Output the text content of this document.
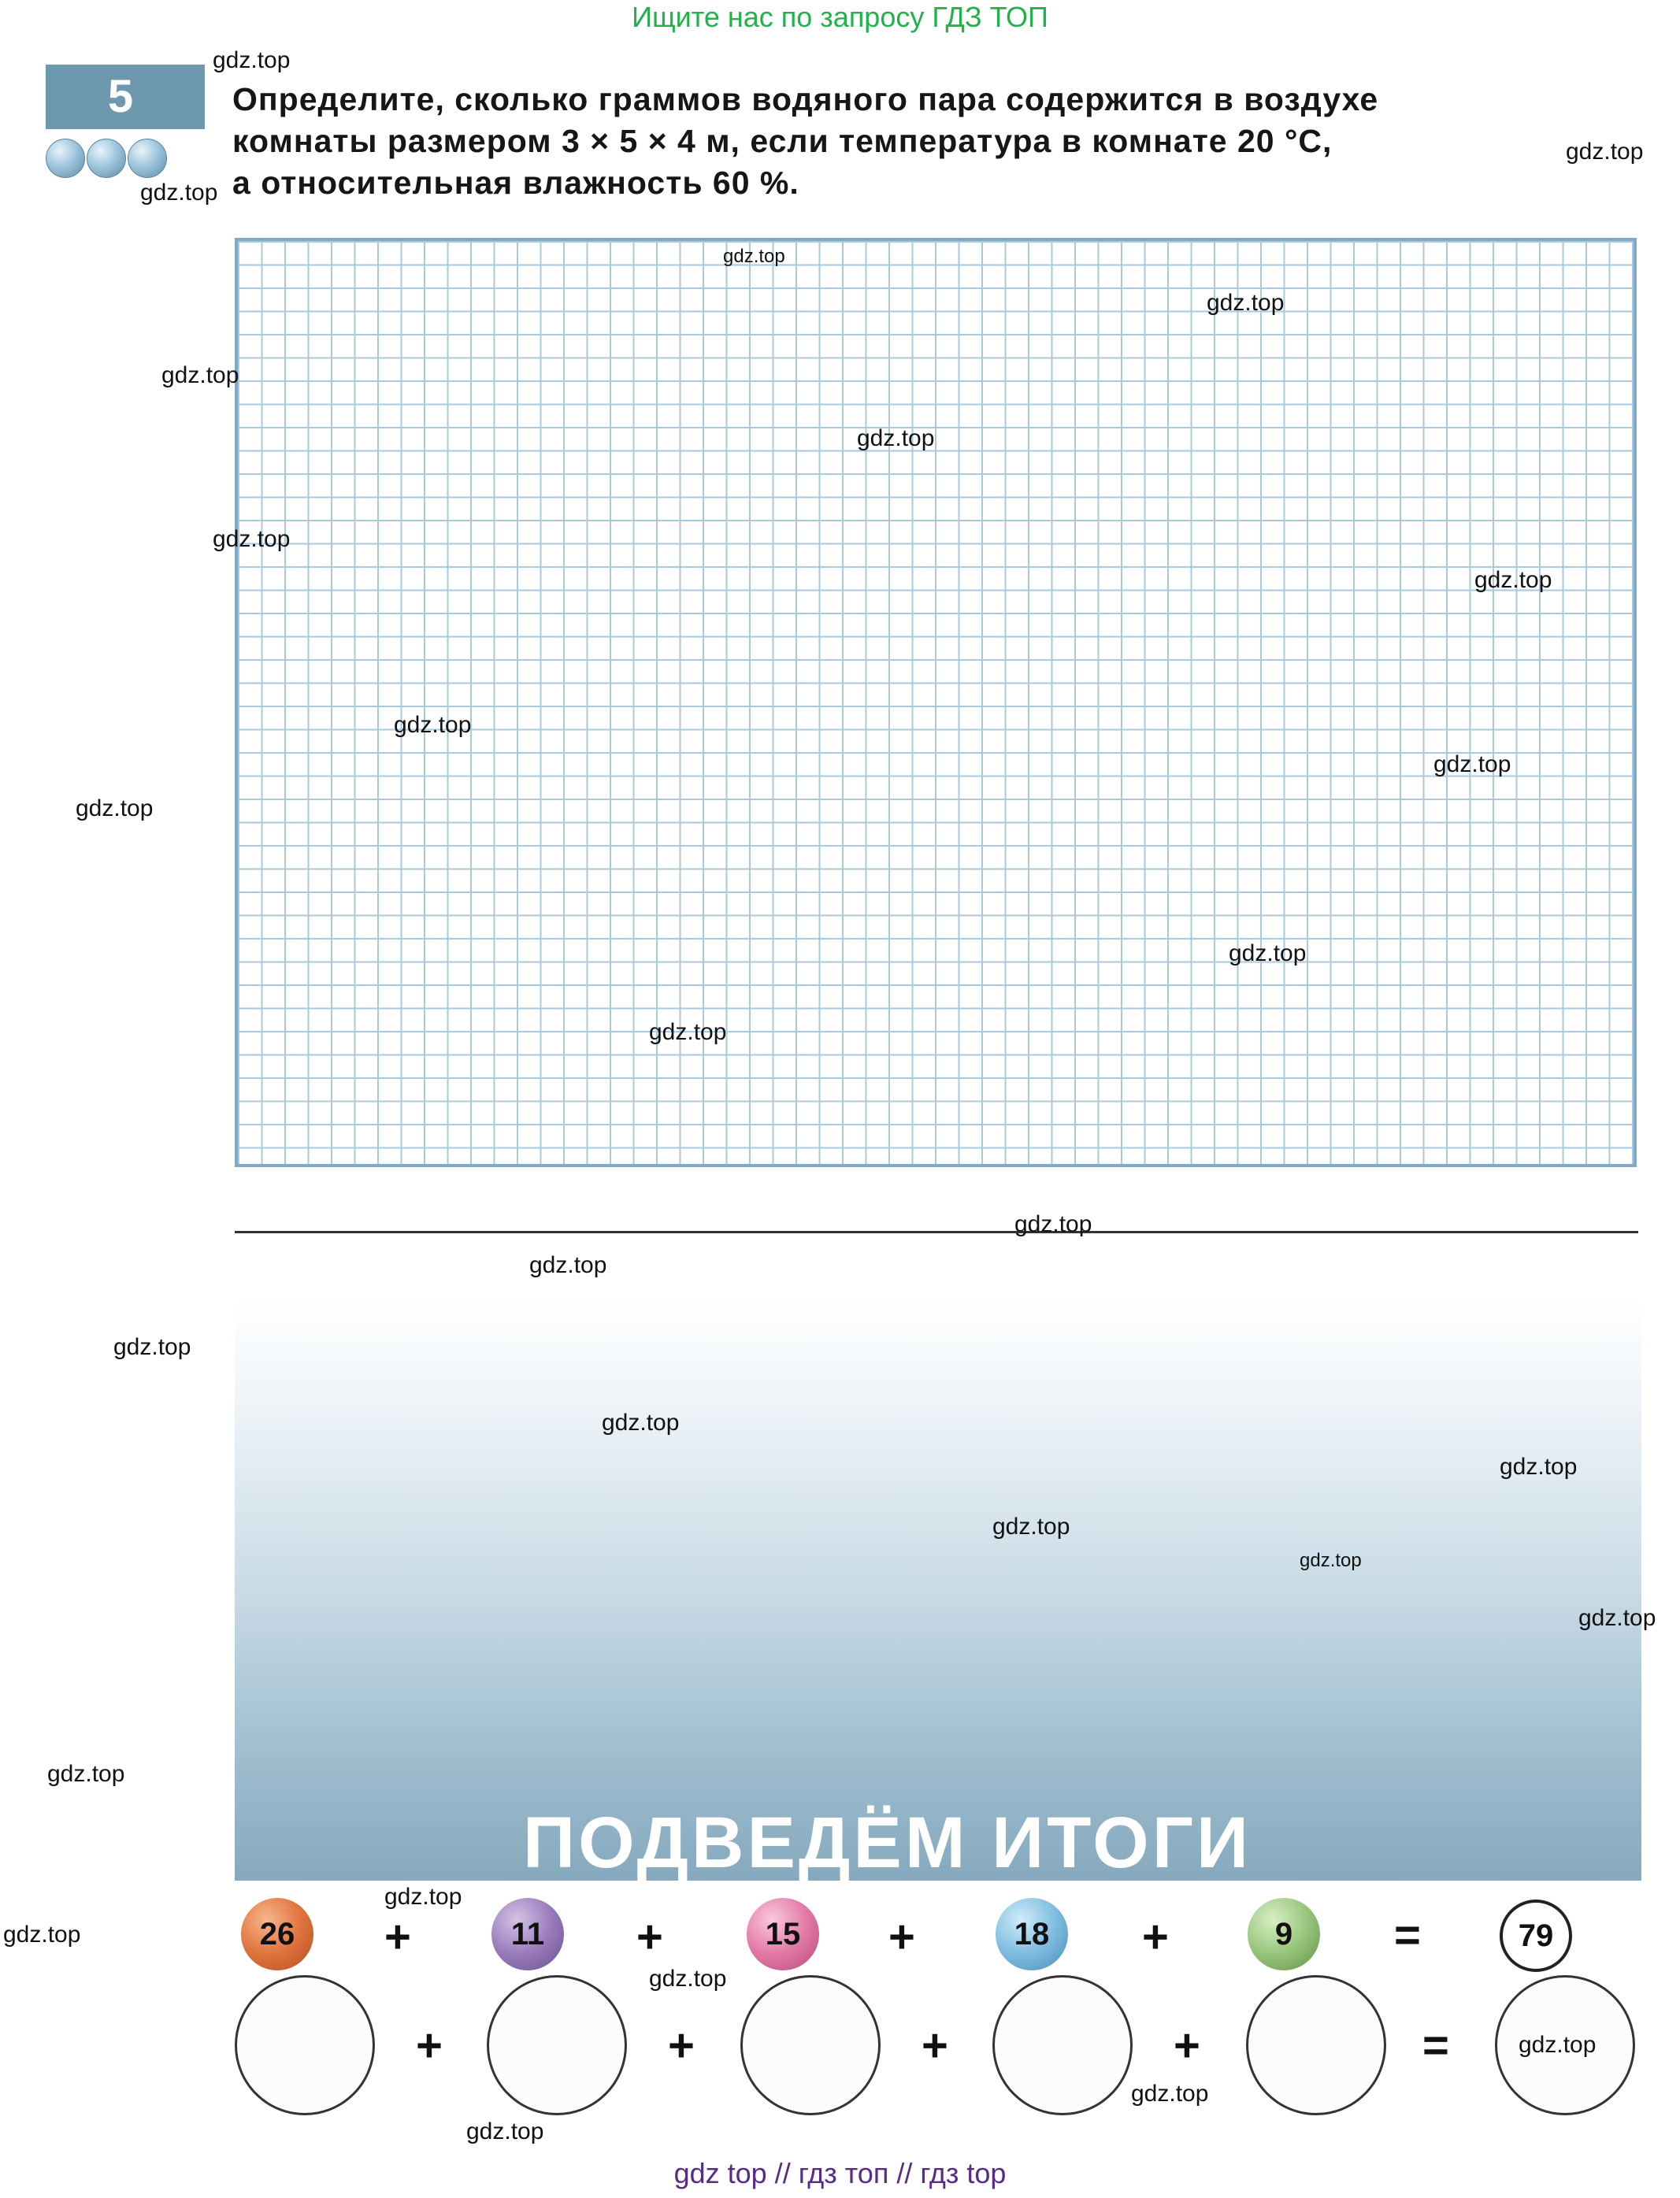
Ищите нас по запросу ГДЗ ТОП
5	Определите, сколько граммов водяного пара содержится в воздухе
комнаты размером 3 × 5 × 4 м, если температура в комнате 20 °C,
а относительная влажность 60 %.

ПОДВЕДЁМ ИТОГИ
26	+	11	+	15	+	18	+	9	=	79
+	+	+	+	=
gdz.top
gdz.top
gdz.top
gdz.top
gdz.top
gdz.top
gdz.top
gdz.top
gdz.top
gdz.top
gdz.top
gdz.top
gdz.top
gdz.top
gdz.top
gdz.top
gdz.top
gdz.top
gdz.top
gdz.top
gdz.top
gdz.top
gdz.top
gdz.top
gdz.top
gdz.top
gdz.top
gdz.top
gdz.top
gdz top // гдз топ // гдз top
